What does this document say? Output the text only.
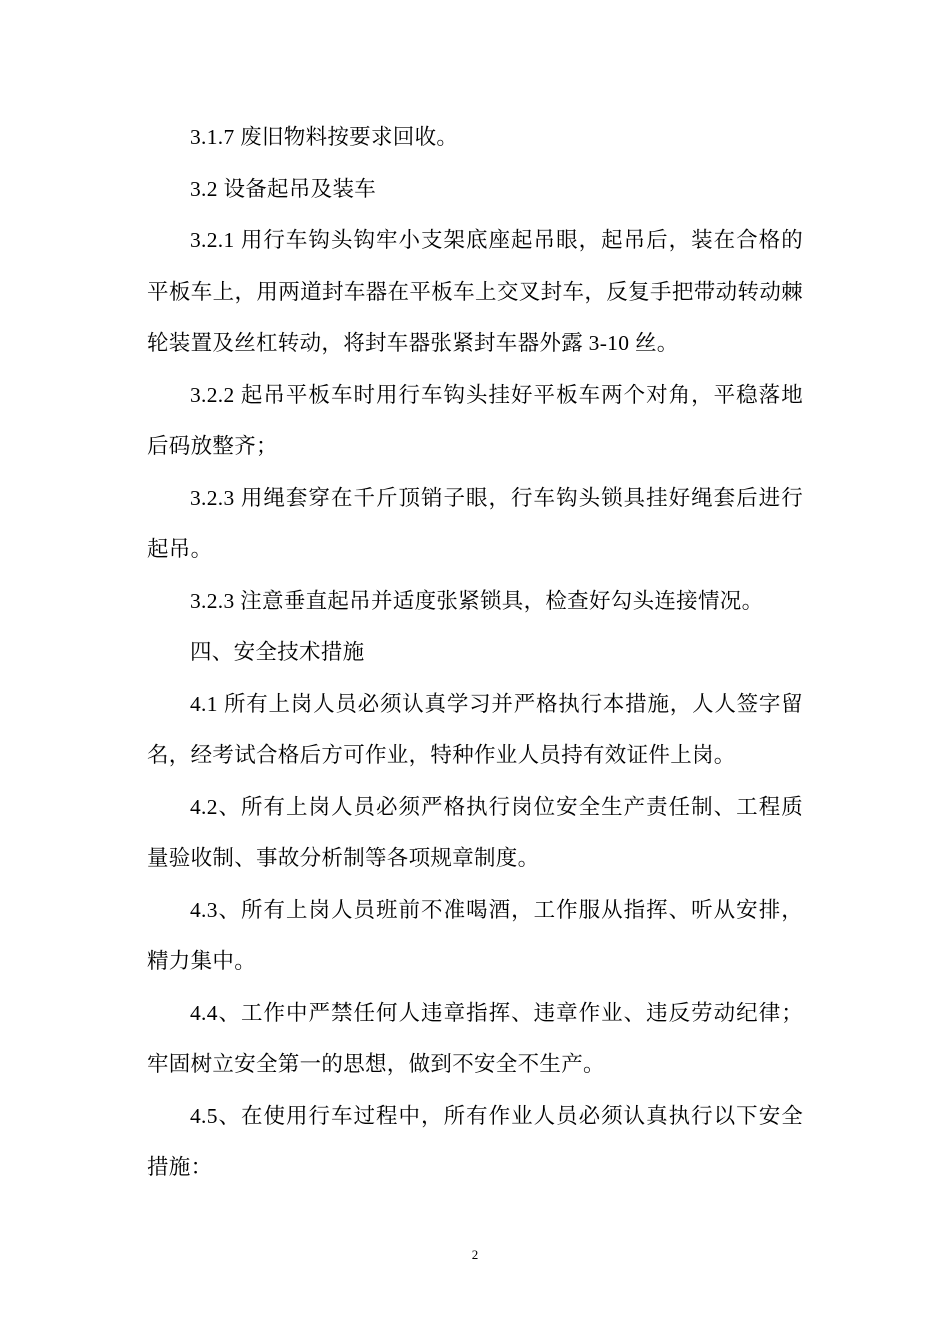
3.1.7 废旧物料按要求回收。

3.2 设备起吊及装车

3.2.1 用行车钩头钩牢小支架底座起吊眼，起吊后，装在合格的平板车上，用两道封车器在平板车上交叉封车，反复手把带动转动棘轮装置及丝杠转动，将封车器张紧封车器外露 3-10 丝。

3.2.2 起吊平板车时用行车钩头挂好平板车两个对角，平稳落地后码放整齐；

3.2.3 用绳套穿在千斤顶销子眼，行车钩头锁具挂好绳套后进行起吊。

3.2.3 注意垂直起吊并适度张紧锁具，检查好勾头连接情况。

四、安全技术措施

4.1 所有上岗人员必须认真学习并严格执行本措施，人人签字留名，经考试合格后方可作业，特种作业人员持有效证件上岗。

4.2、所有上岗人员必须严格执行岗位安全生产责任制、工程质量验收制、事故分析制等各项规章制度。

4.3、所有上岗人员班前不准喝酒，工作服从指挥、听从安排，精力集中。

4.4、工作中严禁任何人违章指挥、违章作业、违反劳动纪律；牢固树立安全第一的思想，做到不安全不生产。

4.5、在使用行车过程中，所有作业人员必须认真执行以下安全措施：

2
